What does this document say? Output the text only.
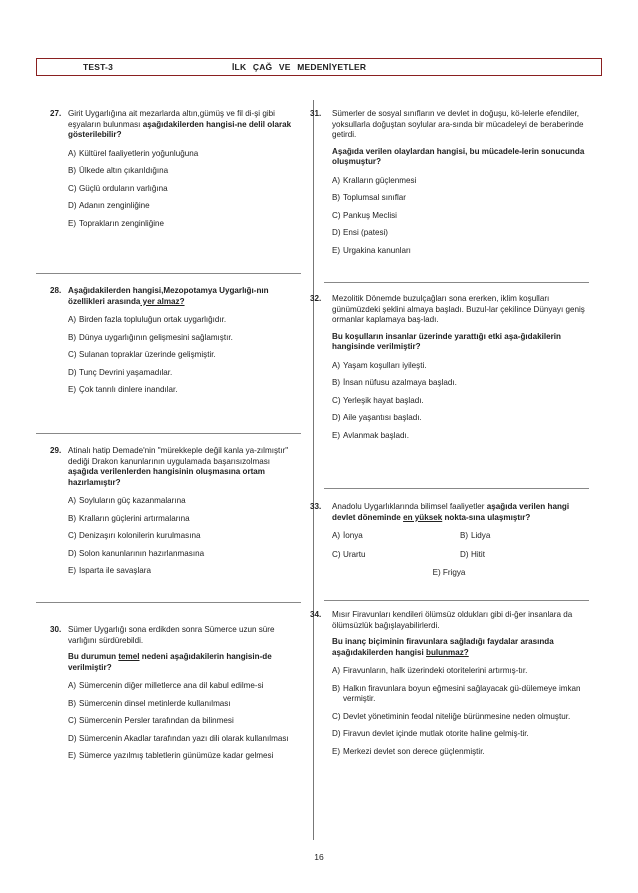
TEST-3	İLK ÇAĞ VE MEDENİYETLER
27. Girit Uygarlığına ait mezarlarda altın,gümüş ve fil di-şi gibi eşyaların bulunması aşağıdakilerden hangisi-ne delil olarak gösterilebilir?
A) Kültürel faaliyetlerin yoğunluğuna
B) Ülkede altın çıkarıldığına
C) Güçlü orduların varlığına
D) Adanın zenginliğine
E) Toprakların zenginliğine
28. Aşağıdakilerden hangisi,Mezopotamya Uygarlığı-nın özellikleri arasında yer almaz?
A) Birden fazla topluluğun ortak uygarlığıdır.
B) Dünya uygarlığının gelişmesini sağlamıştır.
C) Sulanan topraklar üzerinde gelişmiştir.
D) Tunç Devrini yaşamadılar.
E) Çok tanrılı dinlere inandılar.
29. Atinalı hatip Demade'nin "mürekkeple değil kanla ya-zılmıştır" dediği Drakon kanunlarının uygulamada başarısızolması aşağıda verilenlerden hangisinin oluşmasına ortam hazırlamıştır?
A) Soyluların güç kazanmalarına
B) Kralların güçlerini artırmalarına
C) Denizaşırı kolonilerin kurulmasına
D) Solon kanunlarının hazırlanmasına
E) Isparta ile savaşlara
30. Sümer Uygarlığı sona erdikden sonra Sümerce uzun süre varlığını sürdürebildi.

Bu durumun temel nedeni aşağıdakilerin hangisin-de verilmiştir?
A) Sümercenin diğer milletlerce ana dil kabul edilme-si
B) Sümercenin dinsel metinlerde kullanılması
C) Sümercenin Persler tarafından da bilinmesi
D) Sümercenin Akadlar tarafından yazı dili olarak kullanılması
E) Sümerce yazılmış tabletlerin günümüze kadar gelmesi
31. Sümerler de sosyal sınıfların ve devlet in doğuşu, kö-lelerle efendiler, yoksullarla doğuştan soylular ara-sında bir mücadeleyi de beraberinde getirdi.

Aşağıda verilen olaylardan hangisi, bu mücadele-lerin sonucunda oluşmuştur?
A) Kralların güçlenmesi
B) Toplumsal sınıflar
C) Pankuş Meclisi
D) Ensi (patesi)
E) Urgakina kanunları
32. Mezolitik Dönemde buzulçağları sona ererken, iklim koşulları günümüzdeki şeklini almaya başladı. Buzul-lar çekilince Dünyayı geniş ormanlar kaplamaya baş-ladı.

Bu koşulların insanlar üzerinde yarattığı etki aşa-ğıdakilerin hangisinde verilmiştir?
A) Yaşam koşulları iyileşti.
B) İnsan nüfusu azalmaya başladı.
C) Yerleşik hayat başladı.
D) Aile yaşantısı başladı.
E) Avlanmak başladı.
33. Anadolu Uygarlıklarında bilimsel faaliyetler aşağıda verilen hangi devlet döneminde en yüksek nokta-sına ulaşmıştır?
A) İonya	B) Lidya
C) Urartu	D) Hitit
E) Frigya
34. Mısır Firavunları kendileri ölümsüz oldukları gibi di-ğer insanlara da ölümsüzlük bağışlayabilirlerdi.

Bu inanç biçiminin firavunlara sağladığı faydalar arasında aşağıdakilerden hangisi bulunmaz?
A) Firavunların, halk üzerindeki otoritelerini artırmış-tır.
B) Halkın firavunlara boyun eğmesini sağlayacak gü-dülemeye imkan vermiştir.
C) Devlet yönetiminin feodal niteliğe bürünmesine neden olmuştur.
D) Firavun devlet içinde mutlak otorite haline gelmiş-tir.
E) Merkezi devlet son derece güçlenmiştir.
16
